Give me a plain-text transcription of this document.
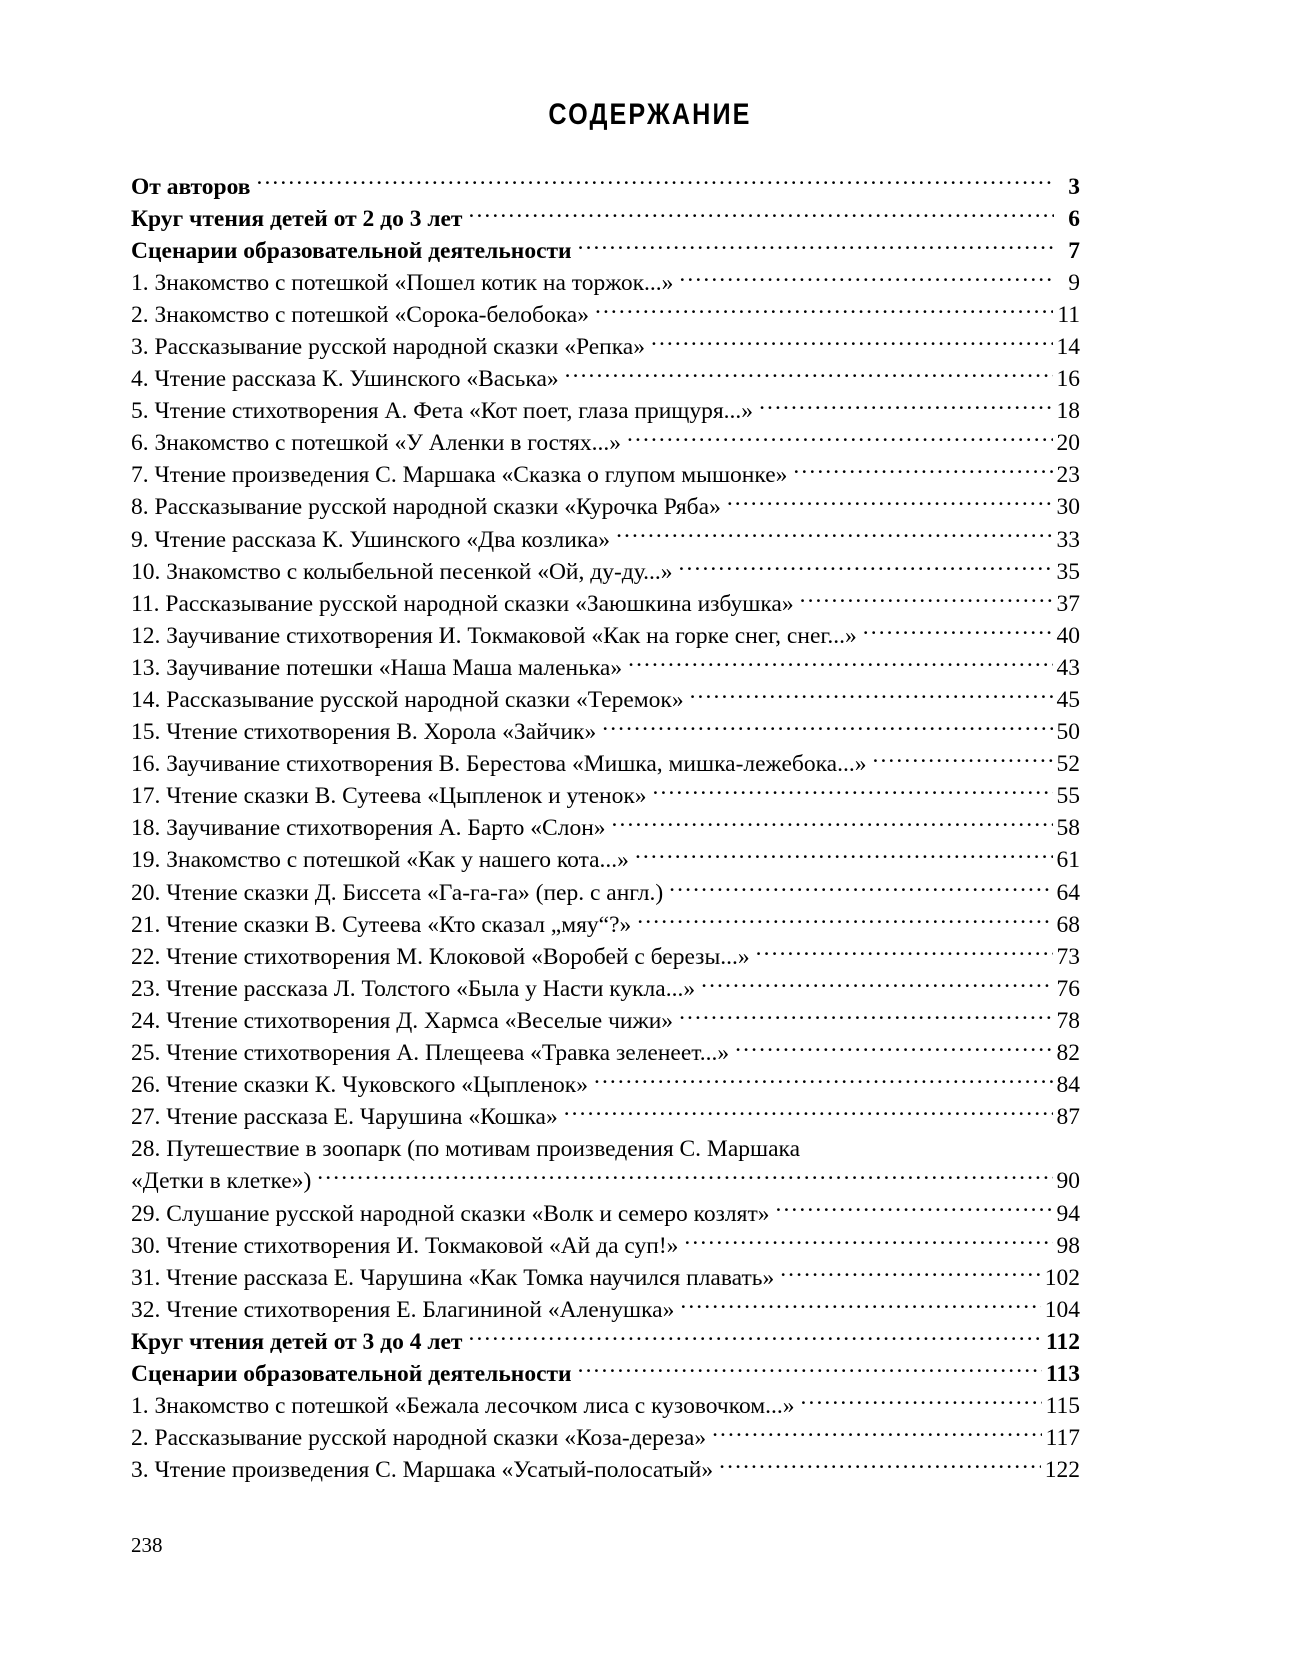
СОДЕРЖАНИЕ
От авторов .....	3
Круг чтения детей от 2 до 3 лет .....	6
Сценарии образовательной деятельности .....	7
1. Знакомство с потешкой «Пошел котик на торжок...» .....	9
2. Знакомство с потешкой «Сорока-белобока» .....	11
3. Рассказывание русской народной сказки «Репка» .....	14
4. Чтение рассказа К. Ушинского «Васька» .....	16
5. Чтение стихотворения А. Фета «Кот поет, глаза прищуря...» .....	18
6. Знакомство с потешкой «У Аленки в гостях...» .....	20
7. Чтение произведения С. Маршака «Сказка о глупом мышонке» .....	23
8. Рассказывание русской народной сказки «Курочка Ряба» .....	30
9. Чтение рассказа К. Ушинского «Два козлика» .....	33
10. Знакомство с колыбельной песенкой «Ой, ду-ду...» .....	35
11. Рассказывание русской народной сказки «Заюшкина избушка» .....	37
12. Заучивание стихотворения И. Токмаковой «Как на горке снег, снег...» .....	40
13. Заучивание потешки «Наша Маша маленька» .....	43
14. Рассказывание русской народной сказки «Теремок» .....	45
15. Чтение стихотворения В. Хорола «Зайчик» .....	50
16. Заучивание стихотворения В. Берестова «Мишка, мишка-лежебока...» .....	52
17. Чтение сказки В. Сутеева «Цыпленок и утенок» .....	55
18. Заучивание стихотворения А. Барто «Слон» .....	58
19. Знакомство с потешкой «Как у нашего кота...» .....	61
20. Чтение сказки Д. Биссета «Га-га-га» (пер. с англ.) .....	64
21. Чтение сказки В. Сутеева «Кто сказал „мяу“?» .....	68
22. Чтение стихотворения М. Клоковой «Воробей с березы...» .....	73
23. Чтение рассказа Л. Толстого «Была у Насти кукла...» .....	76
24. Чтение стихотворения Д. Хармса «Веселые чижи» .....	78
25. Чтение стихотворения А. Плещеева «Травка зеленеет...» .....	82
26. Чтение сказки К. Чуковского «Цыпленок» .....	84
27. Чтение рассказа Е. Чарушина «Кошка» .....	87
28. Путешествие в зоопарк (по мотивам произведения С. Маршака
«Детки в клетке») .....	90
29. Слушание русской народной сказки «Волк и семеро козлят» .....	94
30. Чтение стихотворения И. Токмаковой «Ай да суп!» .....	98
31. Чтение рассказа Е. Чарушина «Как Томка научился плавать» .....	102
32. Чтение стихотворения Е. Благининой «Аленушка» .....	104
Круг чтения детей от 3 до 4 лет .....	112
Сценарии образовательной деятельности .....	113
1. Знакомство с потешкой «Бежала лесочком лиса с кузовочком...» .....	115
2. Рассказывание русской народной сказки «Коза-дереза» .....	117
3. Чтение произведения С. Маршака «Усатый-полосатый» .....	122
238
